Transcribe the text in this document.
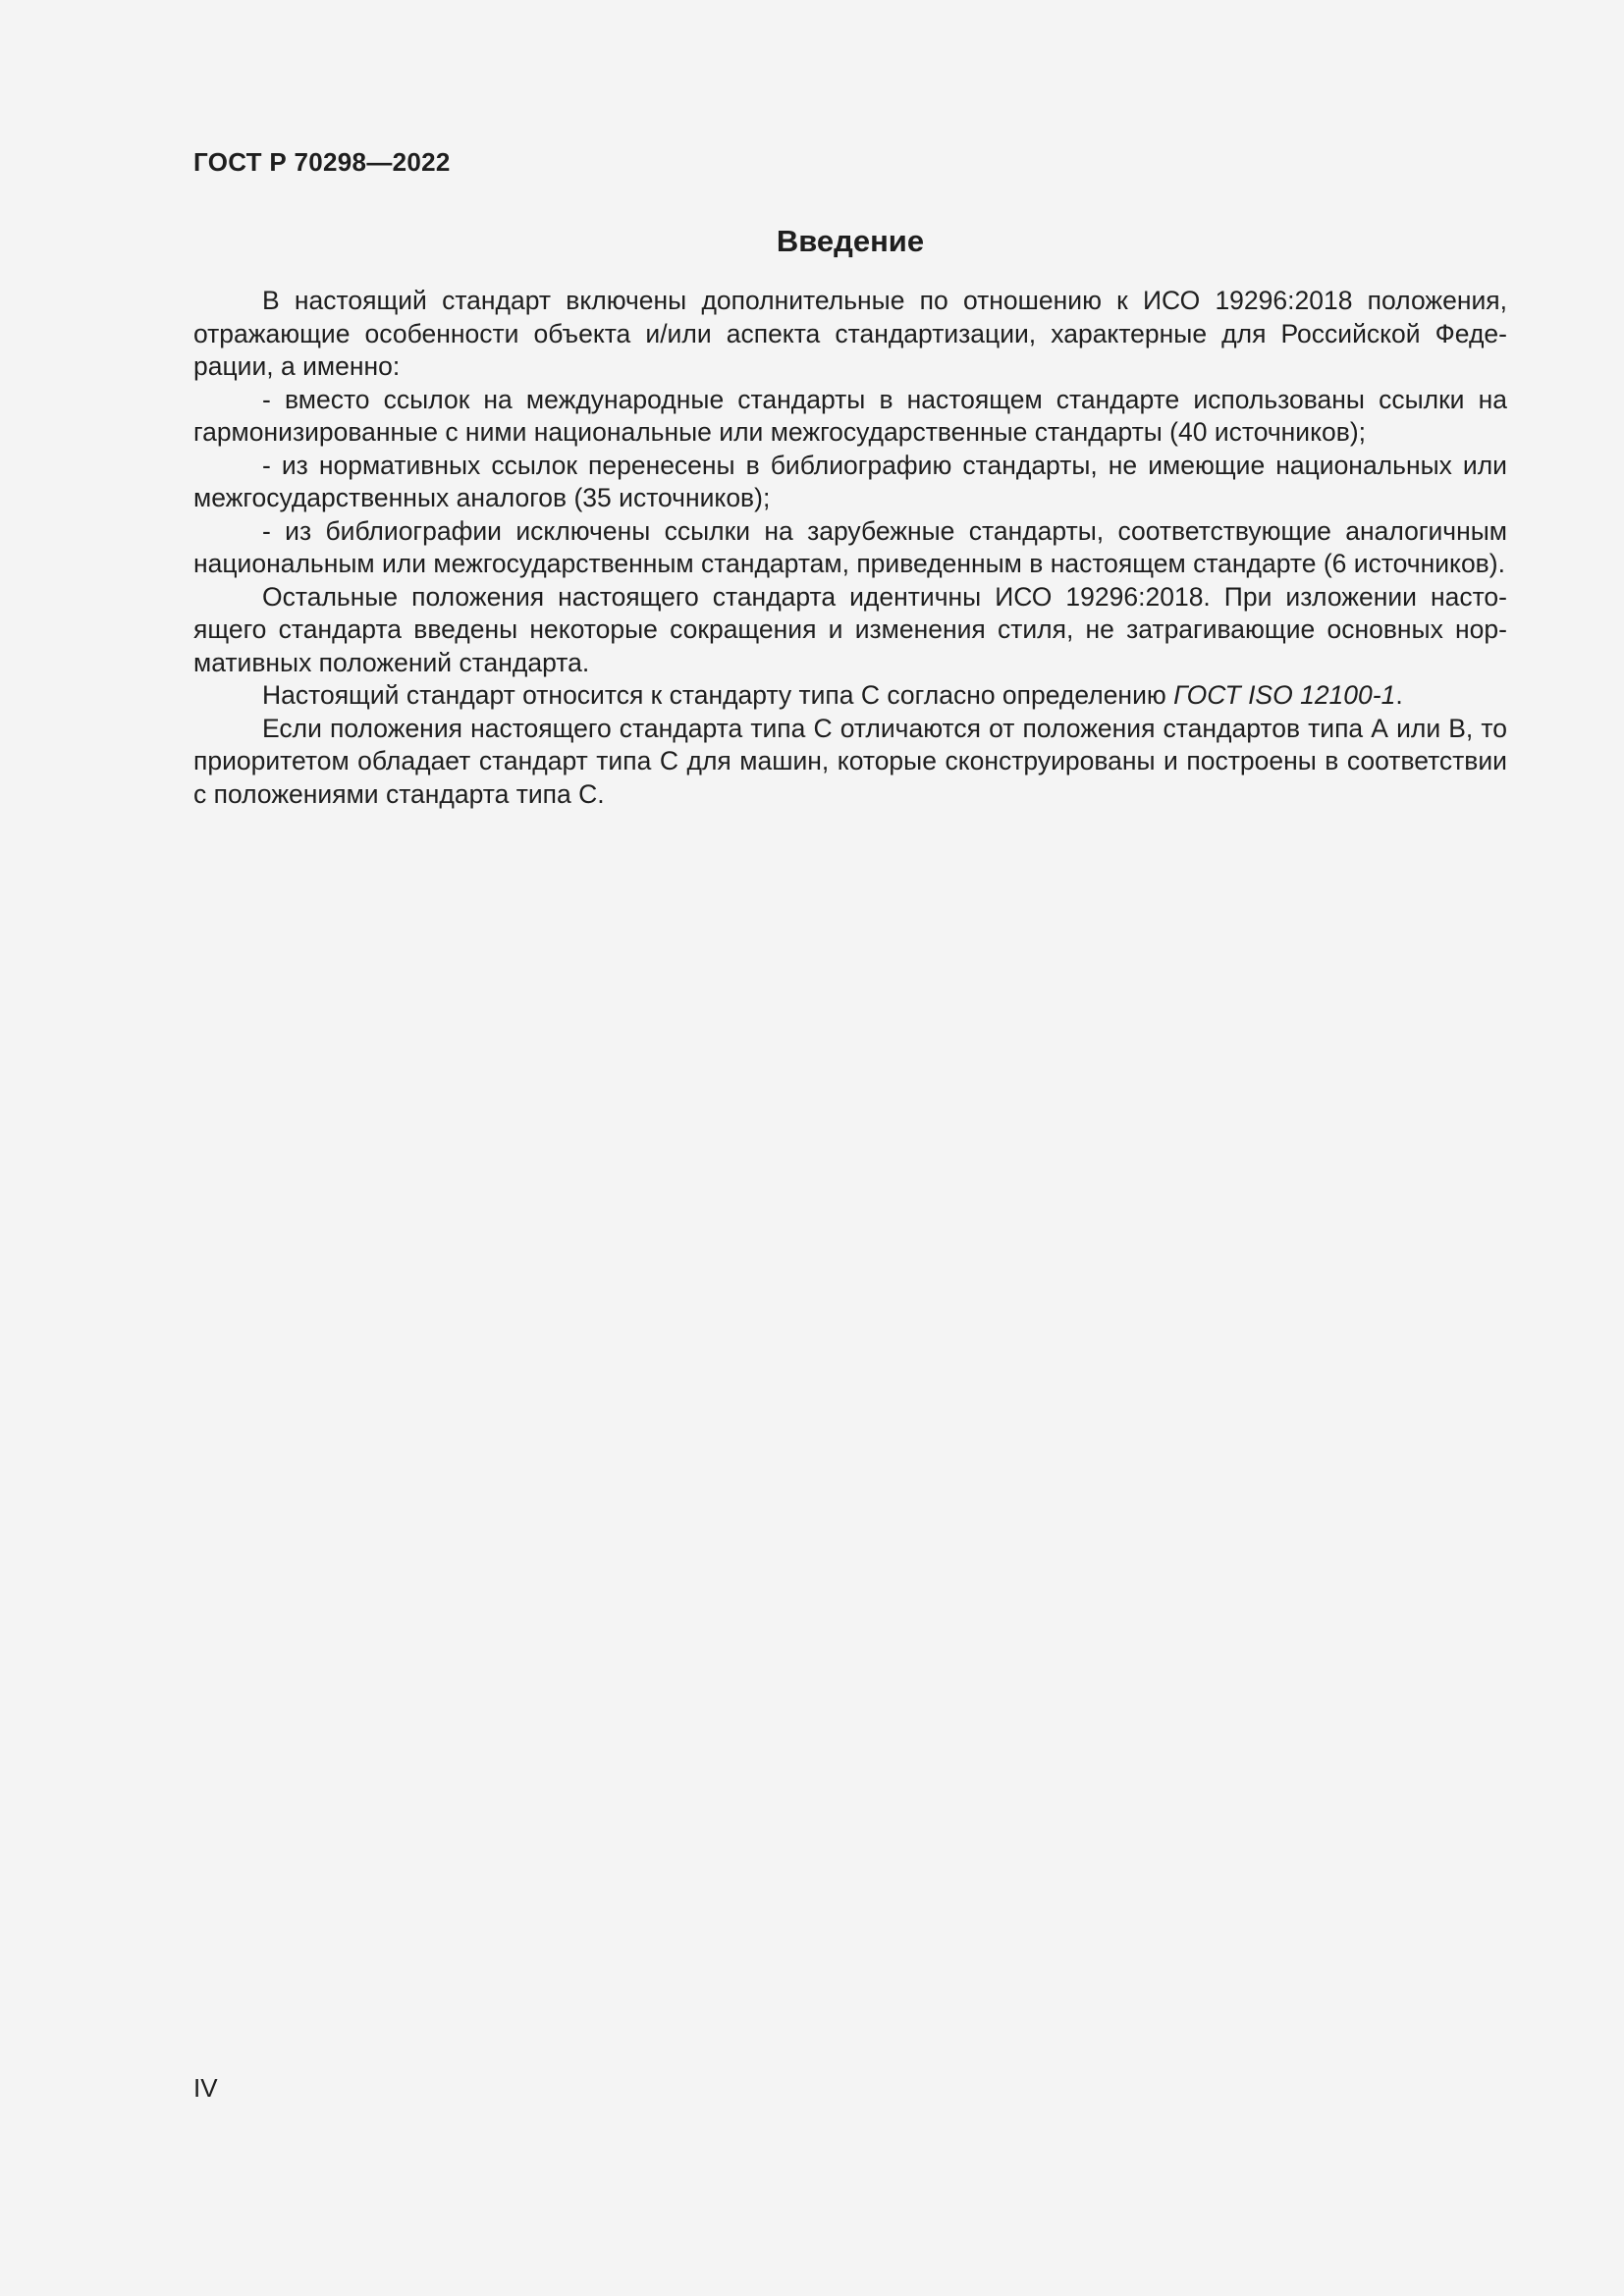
ГОСТ Р 70298—2022
Введение

В настоящий стандарт включены дополнительные по отношению к ИСО 19296:2018 положения, отражающие особенности объекта и/или аспекта стандартизации, характерные для Российской Федерации, а именно:

- вместо ссылок на международные стандарты в настоящем стандарте использованы ссылки на гармонизированные с ними национальные или межгосударственные стандарты (40 источников);

- из нормативных ссылок перенесены в библиографию стандарты, не имеющие национальных или межгосударственных аналогов (35 источников);

- из библиографии исключены ссылки на зарубежные стандарты, соответствующие аналогичным национальным или межгосударственным стандартам, приведенным в настоящем стандарте (6 источников).

Остальные положения настоящего стандарта идентичны ИСО 19296:2018. При изложении настоящего стандарта введены некоторые сокращения и изменения стиля, не затрагивающие основных нормативных положений стандарта.

Настоящий стандарт относится к стандарту типа С согласно определению ГОСТ ISO 12100-1.

Если положения настоящего стандарта типа С отличаются от положения стандартов типа А или В, то приоритетом обладает стандарт типа С для машин, которые сконструированы и построены в соответствии с положениями стандарта типа С.

IV
